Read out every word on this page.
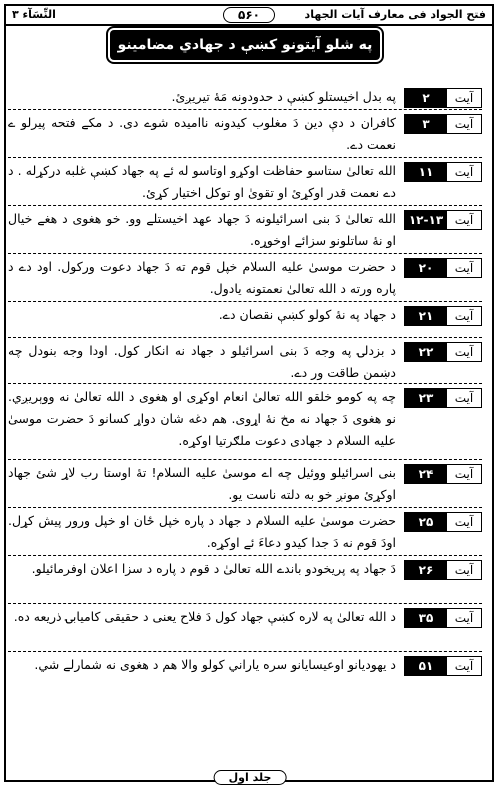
فتح الجواد فی معارف آیات الجهاد
۵۶۰
النِّسَآء ۳
په شلو آيتونو کښې د جهادي مضامينو نچوړ
آيت
۲
په بدل اخيستلو کښې د حدودونه مَهٔ تيريږئ.
آيت
۳
کافران د دې دين دَ مغلوب کيدونه نااميده شوے دى. د مکے فتحه پيرلو ے نعمت دے.
آيت
۱۱
الله تعالىٰ ستاسو حفاظت اوکړو اوتاسو له ئے په جهاد کښې غلبه درکړله . د دے نعمت قدر اوکړئ او تقوىٰ او توکل اختيار کړئ.
آيت
۱۲-۱۳
الله تعالىٰ دَ بنى اسرائيلونه دَ جهاد عهد اخيستلے وو. خو هغوى د هغے خيال او نهٔ ساتلونو سزائے اوخوړه.
آيت
۲۰
د حضرت موسىٰ عليه السلام خپل قوم ته دَ جهاد دعوت ورکول. اود دے د پاره ورته د الله تعالىٰ نعمتونه يادول.
آيت
۲۱
د جهاد په نهٔ کولو کښې نقصان دے.
آيت
۲۲
د بزدلۍ په وجه دَ بنى اسرائيلو د جهاد نه انکار کول. اودا وجه بنودل چه دښمن طاقت ور دے.
آيت
۲۳
چه په کومو خلقو الله تعالىٰ انعام اوکړى او هغوى د الله تعالىٰ نه ووېريږي. نو هغوى دَ جهاد نه مخ نهٔ اړوى. هم دغه شان دواړ کسانو دَ حضرت موسىٰ عليه السلام د جهادى دعوت ملګرتيا اوکړه.
آيت
۲۴
بنى اسرائيلو ووئيل چه اے موسىٰ عليه السلام! تهٔ اوستا رب لاړ شئ جهاد اوکړئ مونږ خو به دلته ناست يو.
آيت
۲۵
حضرت موسىٰ عليه السلام د جهاد د پاره خپل ځان او خپل ورور پيش کړل. اودَ قوم نه دَ جدا کيدو دعاءَ ئے اوکړه.
آيت
۲۶
دَ جهاد په پريخودو باندے الله تعالىٰ د قوم د پاره د سزا اعلان اوفرمائيلو.
آيت
۳۵
د الله تعالىٰ په لاره کښې جهاد کول دَ فلاح يعنى د حقيقى کاميابۍ ذريعه ده.
آيت
۵۱
د يهوديانو اوعيسايانو سره ياراني کولو والا هم د هغوى نه شمارلے شي.
جلد اول
